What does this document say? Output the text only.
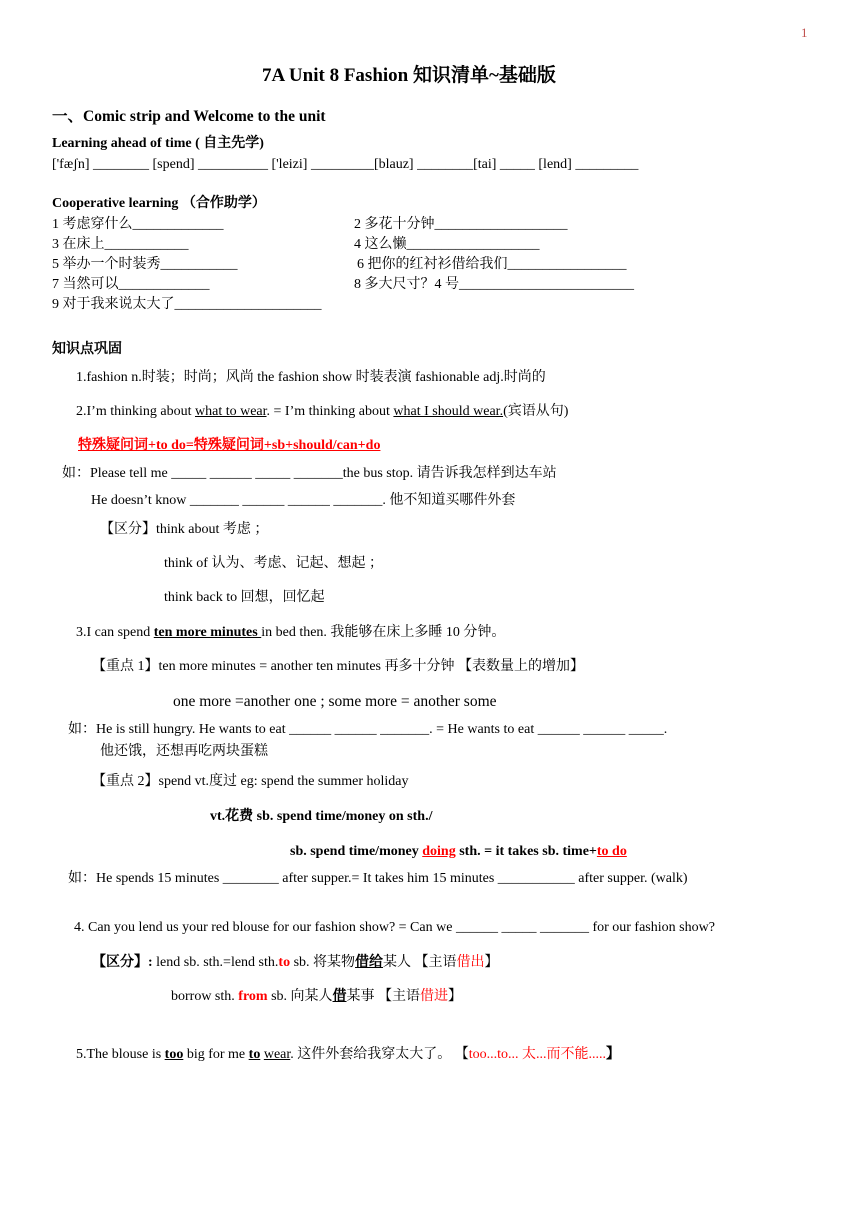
1
7A Unit 8 Fashion 知识清单~基础版
一、Comic strip and Welcome to the unit
Learning ahead of time ( 自主先学)
['fæʃn] ________ [spend] __________ ['leizi] _________[blauz] ________[tai] _____ [lend] _________
Cooperative learning （合作助学）
1 考虑穿什么_____________	2 多花十分钟___________________
3 在床上____________	4 这么懒___________________
5 举办一个时装秀___________	6 把你的红衬衫借给我们_________________
7 当然可以_____________	8 多大尺寸？4 号_________________________
9 对于我来说太大了_____________________
知识点巩固
1.fashion n.时装；时尚；风尚 the fashion show 时装表演 fashionable adj.时尚的
2.I’m thinking about what to wear. = I’m thinking about what I should wear.(宾语从句)
特殊疑问词+to do=特殊疑问词+sb+should/can+do
如：Please tell me _____ ______ _____ _______the bus stop. 请告诉我怎样到达车站
He doesn’t know _______ ______ ______ _______. 他不知道买哪件外套
【区分】think about 考虑 ；
think of 认为、考虑、记起、想起 ；
think back to 回想，回忆起
3.I can spend ten more minutes in bed then. 我能够在床上多睡 10 分钟。
【重点 1】ten more minutes = another ten minutes 再多十分钟 【表数量上的增加】
one more =another one ; some more = another some
如：He is still hungry. He wants to eat ______ ______ _______. = He wants to eat ______ ______ _____.
他还饿，还想再吃两块蛋糕
【重点 2】spend vt.度过 eg: spend the summer holiday
vt.花费 sb. spend time/money on sth./
sb. spend time/money doing sth. = it takes sb. time+to do
如：He spends 15 minutes ________ after supper.= It takes him 15 minutes ___________ after supper. (walk)
4. Can you lend us your red blouse for our fashion show? = Can we ______ _____ _______ for our fashion show?
【区分】: lend sb. sth.=lend sth.to sb. 将某物借给某人 【主语借出】
borrow sth. from sb. 向某人借某事 【主语借进】
5.The blouse is too big for me to wear. 这件外套给我穿太大了。 【too...to... 太...而不能.....】
